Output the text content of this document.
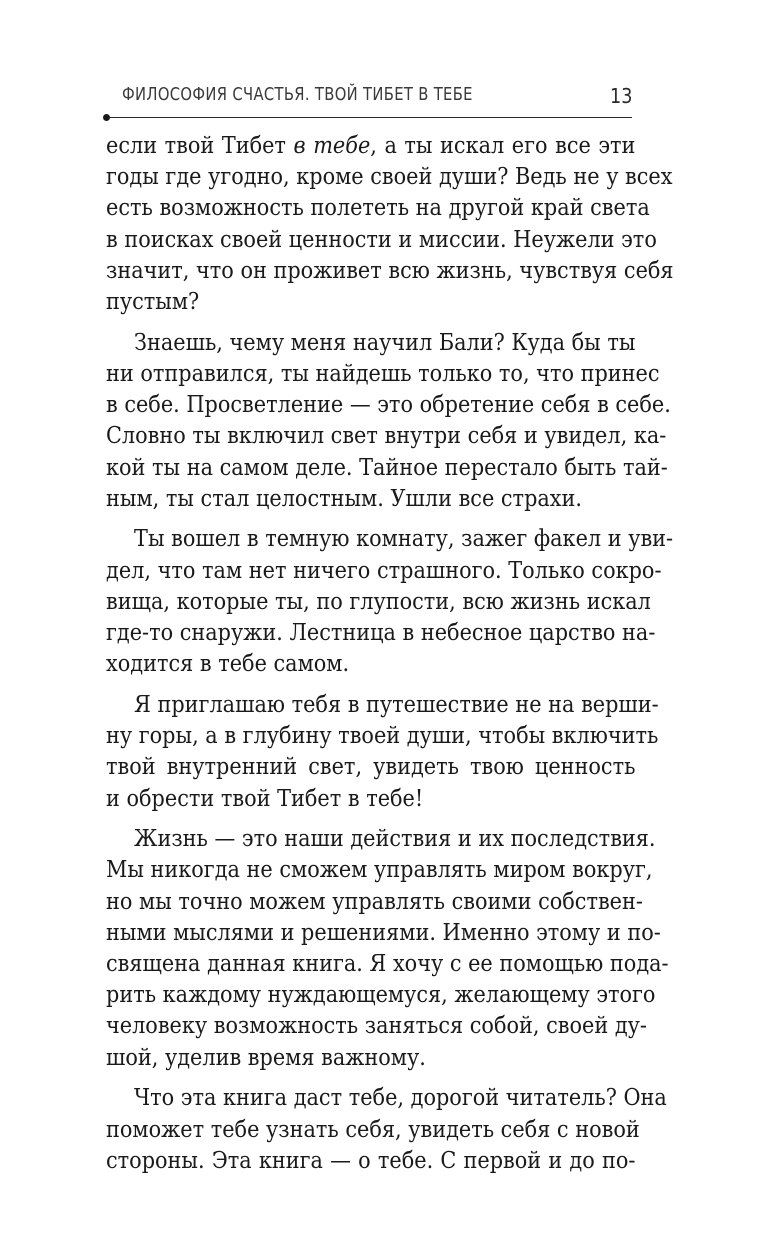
ФИЛОСОФИЯ СЧАСТЬЯ. ТВОЙ ТИБЕТ В ТЕБЕ	13

если твой Тибет в тебе, а ты искал его все эти
годы где угодно, кроме своей души? Ведь не у всех
есть возможность полететь на другой край света
в поисках своей ценности и миссии. Неужели это
значит, что он проживет всю жизнь, чувствуя себя
пустым?

Знаешь, чему меня научил Бали? Куда бы ты
ни отправился, ты найдешь только то, что принес
в себе. Просветление — это обретение себя в себе.
Словно ты включил свет внутри себя и увидел, ка-
кой ты на самом деле. Тайное перестало быть тай-
ным, ты стал целостным. Ушли все страхи.

Ты вошел в темную комнату, зажег факел и уви-
дел, что там нет ничего страшного. Только сокро-
вища, которые ты, по глупости, всю жизнь искал
где-то снаружи. Лестница в небесное царство на-
ходится в тебе самом.

Я приглашаю тебя в путешествие не на верши-
ну горы, а в глубину твоей души, чтобы включить
твой внутренний свет, увидеть твою ценность
и обрести твой Тибет в тебе!

Жизнь — это наши действия и их последствия.
Мы никогда не сможем управлять миром вокруг,
но мы точно можем управлять своими собствен-
ными мыслями и решениями. Именно этому и по-
священа данная книга. Я хочу с ее помощью пода-
рить каждому нуждающемуся, желающему этого
человеку возможность заняться собой, своей ду-
шой, уделив время важному.

Что эта книга даст тебе, дорогой читатель? Она
поможет тебе узнать себя, увидеть себя с новой
стороны. Эта книга — о тебе. С первой и до по-
